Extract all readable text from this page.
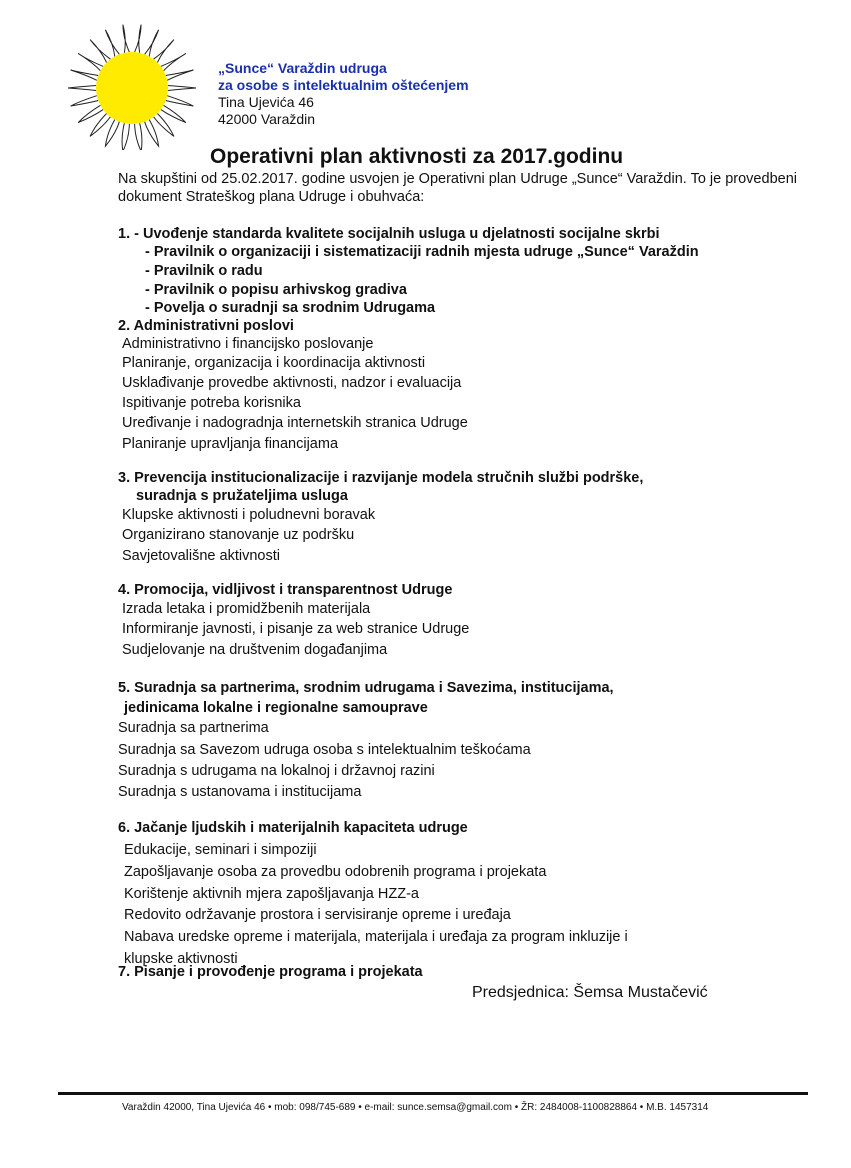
„Sunce“ Varaždin udruga
za osobe s intelektualnim oštećenjem
Tina Ujevića 46
42000 Varaždin
Operativni plan aktivnosti za 2017.godinu
Na skupštini od 25.02.2017. godine usvojen je Operativni plan Udruge „Sunce“ Varaždin. To je provedbeni dokument Strateškog plana Udruge i obuhvaća:
1. - Uvođenje standarda kvalitete socijalnih usluga u djelatnosti socijalne skrbi
- Pravilnik o organizaciji i sistematizaciji radnih mjesta udruge „Sunce“ Varaždin
- Pravilnik o radu
- Pravilnik o popisu arhivskog gradiva
- Povelja o suradnji sa srodnim Udrugama
2. Administrativni poslovi
Administrativno i financijsko poslovanje
Planiranje, organizacija i koordinacija aktivnosti
Usklađivanje provedbe aktivnosti, nadzor i evaluacija
Ispitivanje potreba korisnika
Uređivanje i nadogradnja internetskih stranica Udruge
Planiranje upravljanja financijama
3. Prevencija institucionalizacije i razvijanje modela stručnih službi podrške,
suradnja s pružateljima usluga
Klupske aktivnosti i poludnevni boravak
Organizirano stanovanje uz podršku
Savjetovališne aktivnosti
4. Promocija, vidljivost i transparentnost Udruge
Izrada letaka i promidžbenih materijala
Informiranje javnosti, i pisanje za web stranice Udruge
Sudjelovanje na društvenim događanjima
5. Suradnja sa partnerima, srodnim udrugama i Savezima, institucijama,
jedinicama lokalne i regionalne samouprave
Suradnja sa partnerima
Suradnja sa Savezom udruga osoba s intelektualnim teškoćama
Suradnja s udrugama na lokalnoj i državnoj razini
Suradnja s ustanovama i institucijama
6. Jačanje ljudskih i materijalnih kapaciteta udruge
Edukacije, seminari i simpoziji
Zapošljavanje osoba za provedbu odobrenih programa i projekata
Korištenje aktivnih mjera zapošljavanja HZZ-a
Redovito održavanje prostora i servisiranje opreme i uređaja
Nabava uredske opreme i materijala, materijala i uređaja za program inkluzije i
klupske aktivnosti
7. Pisanje i provođenje programa i projekata
Predsjednica: Šemsa Mustačević
Varaždin 42000, Tina Ujevića 46 • mob: 098/745-689 • e-mail: sunce.semsa@gmail.com • ŽR: 2484008-1100828864 • M.B. 1457314
